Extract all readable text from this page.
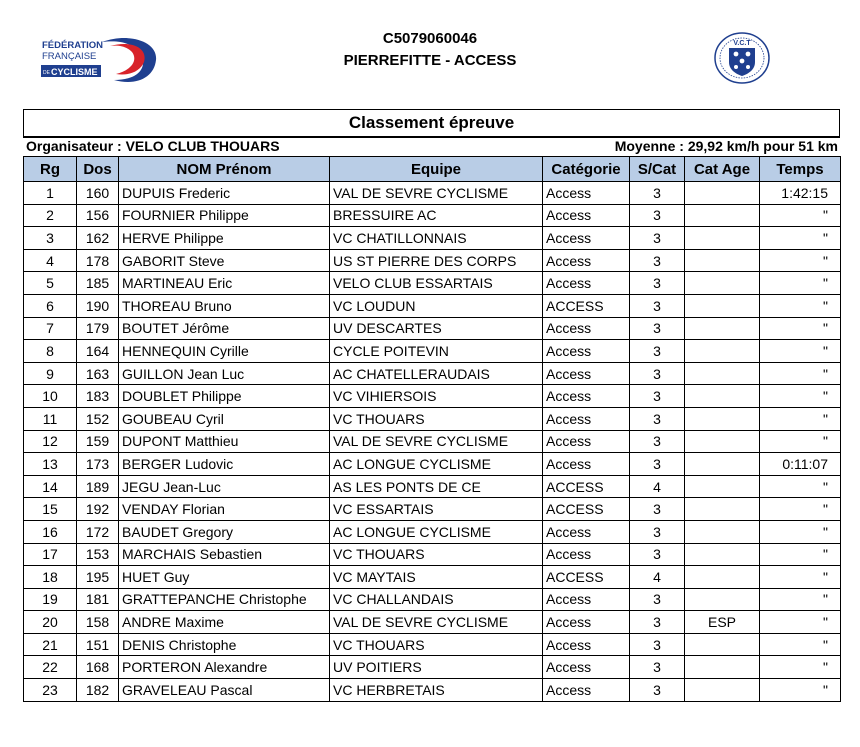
FÉDÉRATION
FRANÇAISE
DE CYCLISME
C5079060046
PIERREFITTE - ACCESS
V.C.T
Classement épreuve
Organisateur : VELO CLUB THOUARS	Moyenne : 29,92 km/h pour 51 km
Rg	Dos	NOM Prénom	Equipe	Catégorie	S/Cat	Cat Age	Temps
1	160	DUPUIS Frederic	VAL DE SEVRE CYCLISME	Access	3		1:42:15
2	156	FOURNIER Philippe	BRESSUIRE AC	Access	3		"
3	162	HERVE Philippe	VC CHATILLONNAIS	Access	3		"
4	178	GABORIT Steve	US ST PIERRE DES CORPS	Access	3		"
5	185	MARTINEAU Eric	VELO CLUB ESSARTAIS	Access	3		"
6	190	THOREAU Bruno	VC LOUDUN	ACCESS	3		"
7	179	BOUTET Jérôme	UV DESCARTES	Access	3		"
8	164	HENNEQUIN Cyrille	CYCLE POITEVIN	Access	3		"
9	163	GUILLON Jean Luc	AC CHATELLERAUDAIS	Access	3		"
10	183	DOUBLET Philippe	VC VIHIERSOIS	Access	3		"
11	152	GOUBEAU Cyril	VC THOUARS	Access	3		"
12	159	DUPONT Matthieu	VAL DE SEVRE CYCLISME	Access	3		"
13	173	BERGER Ludovic	AC LONGUE CYCLISME	Access	3		0:11:07
14	189	JEGU Jean-Luc	AS LES PONTS DE CE	ACCESS	4		"
15	192	VENDAY Florian	VC ESSARTAIS	ACCESS	3		"
16	172	BAUDET Gregory	AC LONGUE CYCLISME	Access	3		"
17	153	MARCHAIS Sebastien	VC THOUARS	Access	3		"
18	195	HUET Guy	VC MAYTAIS	ACCESS	4		"
19	181	GRATTEPANCHE Christophe	VC CHALLANDAIS	Access	3		"
20	158	ANDRE Maxime	VAL DE SEVRE CYCLISME	Access	3	ESP	"
21	151	DENIS Christophe	VC THOUARS	Access	3		"
22	168	PORTERON Alexandre	UV POITIERS	Access	3		"
23	182	GRAVELEAU Pascal	VC HERBRETAIS	Access	3		"
